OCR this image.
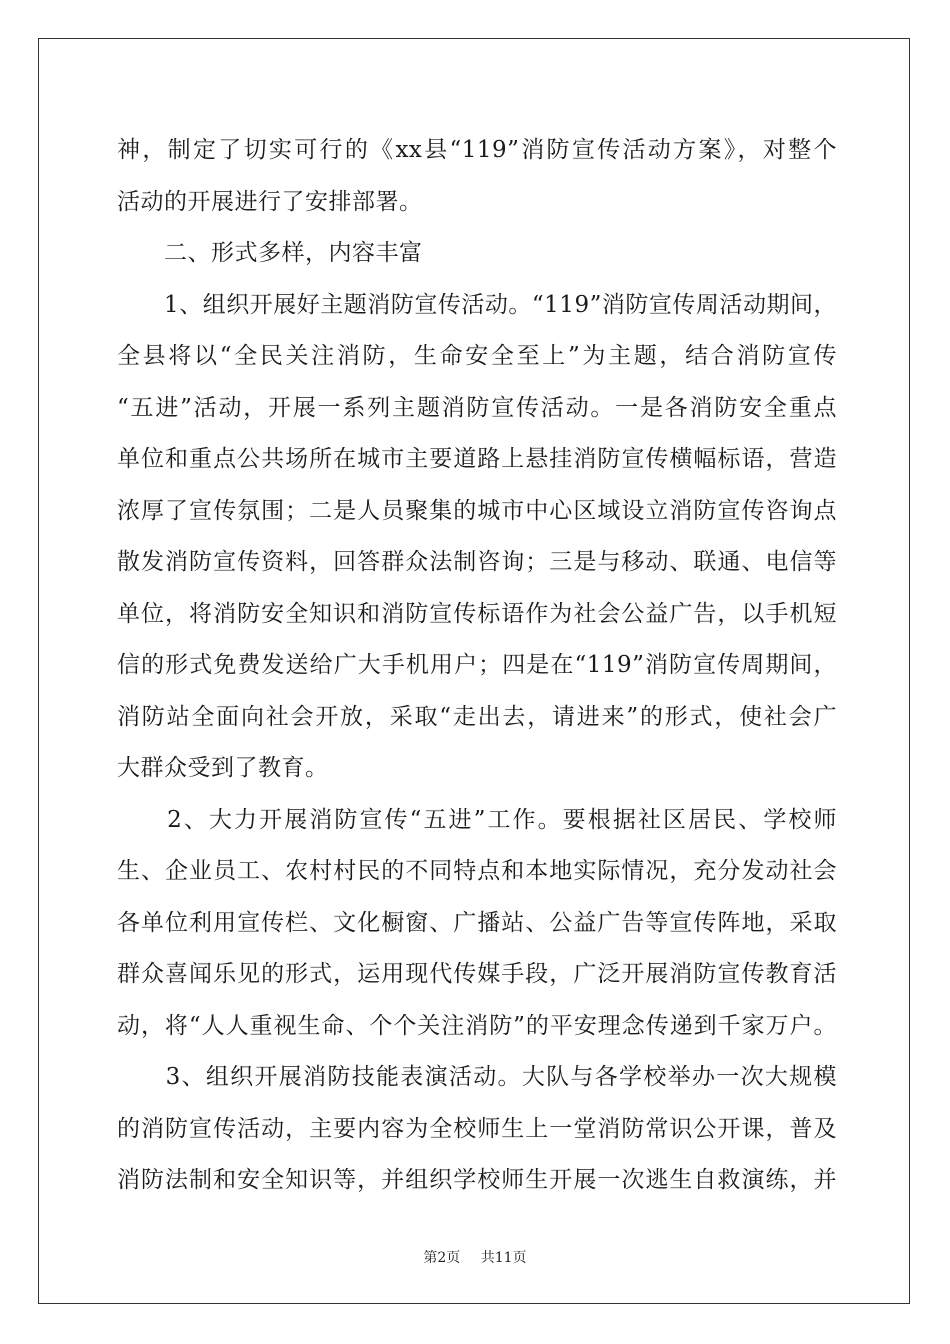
神，制定了切实可行的《xx县“119”消防宣传活动方案》，对整个
活动的开展进行了安排部署。
　　二、形式多样，内容丰富
　　1、组织开展好主题消防宣传活动。“119”消防宣传周活动期间，
全县将以“全民关注消防，生命安全至上”为主题，结合消防宣传
“五进”活动，开展一系列主题消防宣传活动。一是各消防安全重点
单位和重点公共场所在城市主要道路上悬挂消防宣传横幅标语，营造
浓厚了宣传氛围；二是人员聚集的城市中心区域设立消防宣传咨询点
散发消防宣传资料，回答群众法制咨询；三是与移动、联通、电信等
单位，将消防安全知识和消防宣传标语作为社会公益广告，以手机短
信的形式免费发送给广大手机用户；四是在“119”消防宣传周期间，
消防站全面向社会开放，采取“走出去，请进来”的形式，使社会广
大群众受到了教育。
　　2、大力开展消防宣传“五进”工作。要根据社区居民、学校师
生、企业员工、农村村民的不同特点和本地实际情况，充分发动社会
各单位利用宣传栏、文化橱窗、广播站、公益广告等宣传阵地，采取
群众喜闻乐见的形式，运用现代传媒手段，广泛开展消防宣传教育活
动，将“人人重视生命、个个关注消防”的平安理念传递到千家万户。
　　3、组织开展消防技能表演活动。大队与各学校举办一次大规模
的消防宣传活动，主要内容为全校师生上一堂消防常识公开课，普及
消防法制和安全知识等，并组织学校师生开展一次逃生自救演练，并
第2页 共11页
